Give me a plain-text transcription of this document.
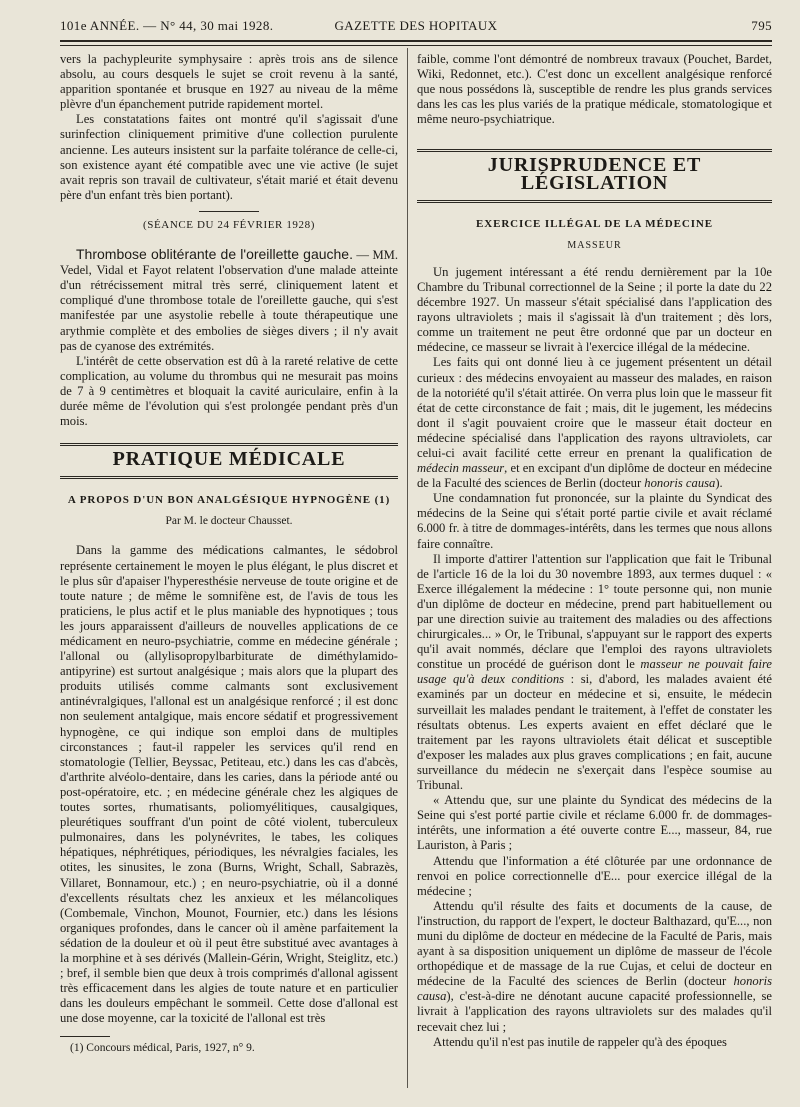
101e ANNÉE. — N° 44, 30 mai 1928.	GAZETTE DES HOPITAUX	795

vers la pachypleurite symphysaire : après trois ans de silence absolu, au cours desquels le sujet se croit revenu à la santé, apparition spontanée et brusque en 1927 au niveau de la même plèvre d'un épanchement putride rapidement mortel.

Les constatations faites ont montré qu'il s'agissait d'une surinfection cliniquement primitive d'une collection purulente ancienne. Les auteurs insistent sur la parfaite tolérance de celle-ci, son existence ayant été compatible avec une vie active (le sujet avait repris son travail de cultivateur, s'était marié et était devenu père d'un enfant très bien portant).

(SÉANCE DU 24 FÉVRIER 1928)

Thrombose oblitérante de l'oreillette gauche. — MM. Vedel, Vidal et Fayot relatent l'observation d'une malade atteinte d'un rétrécissement mitral très serré, cliniquement latent et compliqué d'une thrombose totale de l'oreillette gauche, qui s'est manifestée par une asystolie rebelle à toute thérapeutique une arythmie complète et des embolies de sièges divers ; il n'y avait pas de cyanose des extrémités.

L'intérêt de cette observation est dû à la rareté relative de cette complication, au volume du thrombus qui ne mesurait pas moins de 7 à 9 centimètres et bloquait la cavité auriculaire, enfin à la durée même de l'évolution qui s'est prolongée pendant près d'un mois.

PRATIQUE MÉDICALE
A PROPOS D'UN BON ANALGÉSIQUE HYPNOGÈNE (1)
Par M. le docteur Chausset.

Dans la gamme des médications calmantes, le sédobrol représente certainement le moyen le plus élégant, le plus discret et le plus sûr d'apaiser l'hyperesthésie nerveuse de toute origine et de toute nature ; de même le somnifène est, de l'avis de tous les praticiens, le plus actif et le plus maniable des hypnotiques ; tous les jours apparaissent d'ailleurs de nouvelles applications de ce médicament en neuro-psychiatrie, comme en médecine générale ; l'allonal ou (allylisopropylbarbiturate de diméthylamido-antipyrine) est surtout analgésique ; mais alors que la plupart des produits utilisés comme calmants sont exclusivement antinévralgiques, l'allonal est un analgésique renforcé ; il est donc non seulement antalgique, mais encore sédatif et progressivement hypnogène, ce qui indique son emploi dans de multiples circonstances ; faut-il rappeler les services qu'il rend en stomatologie (Tellier, Beyssac, Petiteau, etc.) dans les cas d'abcès, d'arthrite alvéolo-dentaire, dans les caries, dans la période anté ou post-opératoire, etc. ; en médecine générale chez les algiques de toutes sortes, rhumatisants, poliomyélitiques, causalgiques, pleurétiques souffrant d'un point de côté violent, tuberculeux pulmonaires, dans les polynévrites, le tabes, les coliques hépatiques, néphrétiques, périodiques, les névralgies faciales, les otites, les sinusites, le zona (Burns, Wright, Schall, Sabrazès, Villaret, Bonnamour, etc.) ; en neuro-psychiatrie, où il a donné d'excellents résultats chez les anxieux et les mélancoliques (Combemale, Vinchon, Mounot, Fournier, etc.) dans les lésions organiques profondes, dans le cancer où il amène parfaitement la sédation de la douleur et où il peut être substitué avec avantages à la morphine et à ses dérivés (Mallein-Gérin, Wright, Steiglitz, etc.) ; bref, il semble bien que deux à trois comprimés d'allonal agissent très efficacement dans les algies de toute nature et en particulier dans les douleurs empêchant le sommeil. Cette dose d'allonal est une dose moyenne, car la toxicité de l'allonal est très

(1) Concours médical, Paris, 1927, n° 9.

faible, comme l'ont démontré de nombreux travaux (Pouchet, Bardet, Wiki, Redonnet, etc.). C'est donc un excellent analgésique renforcé que nous possédons là, susceptible de rendre les plus grands services dans les cas les plus variés de la pratique médicale, stomatologique et même neuro-psychiatrique.

JURISPRUDENCE ET LÉGISLATION
EXERCICE ILLÉGAL DE LA MÉDECINE
MASSEUR

Un jugement intéressant a été rendu dernièrement par la 10e Chambre du Tribunal correctionnel de la Seine ; il porte la date du 22 décembre 1927. Un masseur s'était spécialisé dans l'application des rayons ultraviolets ; mais il s'agissait là d'un traitement ; dès lors, comme un traitement ne peut être ordonné que par un docteur en médecine, ce masseur se livrait à l'exercice illégal de la médecine.

Les faits qui ont donné lieu à ce jugement présentent un détail curieux : des médecins envoyaient au masseur des malades, en raison de la notoriété qu'il s'était attirée. On verra plus loin que le masseur fit état de cette circonstance de fait ; mais, dit le jugement, les médecins dont il s'agit pouvaient croire que le masseur était docteur en médecine spécialisé dans l'application des rayons ultraviolets, car celui-ci avait facilité cette erreur en prenant la qualification de médecin masseur, et en excipant d'un diplôme de docteur en médecine de la Faculté des sciences de Berlin (docteur honoris causa).

Une condamnation fut prononcée, sur la plainte du Syndicat des médecins de la Seine qui s'était porté partie civile et avait réclamé 6.000 fr. à titre de dommages-intérêts, dans les termes que nous allons faire connaître.

Il importe d'attirer l'attention sur l'application que fait le Tribunal de l'article 16 de la loi du 30 novembre 1893, aux termes duquel : « Exerce illégalement la médecine : 1° toute personne qui, non munie d'un diplôme de docteur en médecine, prend part habituellement ou par une direction suivie au traitement des maladies ou des affections chirurgicales... » Or, le Tribunal, s'appuyant sur le rapport des experts qu'il avait nommés, déclare que l'emploi des rayons ultraviolets constitue un procédé de guérison dont le masseur ne pouvait faire usage qu'à deux conditions : si, d'abord, les malades avaient été examinés par un docteur en médecine et si, ensuite, le médecin surveillait les malades pendant le traitement, à l'effet de constater les résultats obtenus. Les experts avaient en effet déclaré que le traitement par les rayons ultraviolets était délicat et susceptible d'exposer les malades aux plus graves complications ; en fait, aucune surveillance du médecin ne s'exerçait dans l'espèce soumise au Tribunal.

« Attendu que, sur une plainte du Syndicat des médecins de la Seine qui s'est porté partie civile et réclame 6.000 fr. de dommages-intérêts, une information a été ouverte contre E..., masseur, 84, rue Lauriston, à Paris ;

Attendu que l'information a été clôturée par une ordonnance de renvoi en police correctionnelle d'E... pour exercice illégal de la médecine ;

Attendu qu'il résulte des faits et documents de la cause, de l'instruction, du rapport de l'expert, le docteur Balthazard, qu'E..., non muni du diplôme de docteur en médecine de la Faculté de Paris, mais ayant à sa disposition uniquement un diplôme de masseur de l'école orthopédique et de massage de la rue Cujas, et celui de docteur en médecine de la Faculté des sciences de Berlin (docteur honoris causa), c'est-à-dire ne dénotant aucune capacité professionnelle, se livrait à l'application des rayons ultraviolets sur des malades qu'il recevait chez lui ;

Attendu qu'il n'est pas inutile de rappeler qu'à des époques
